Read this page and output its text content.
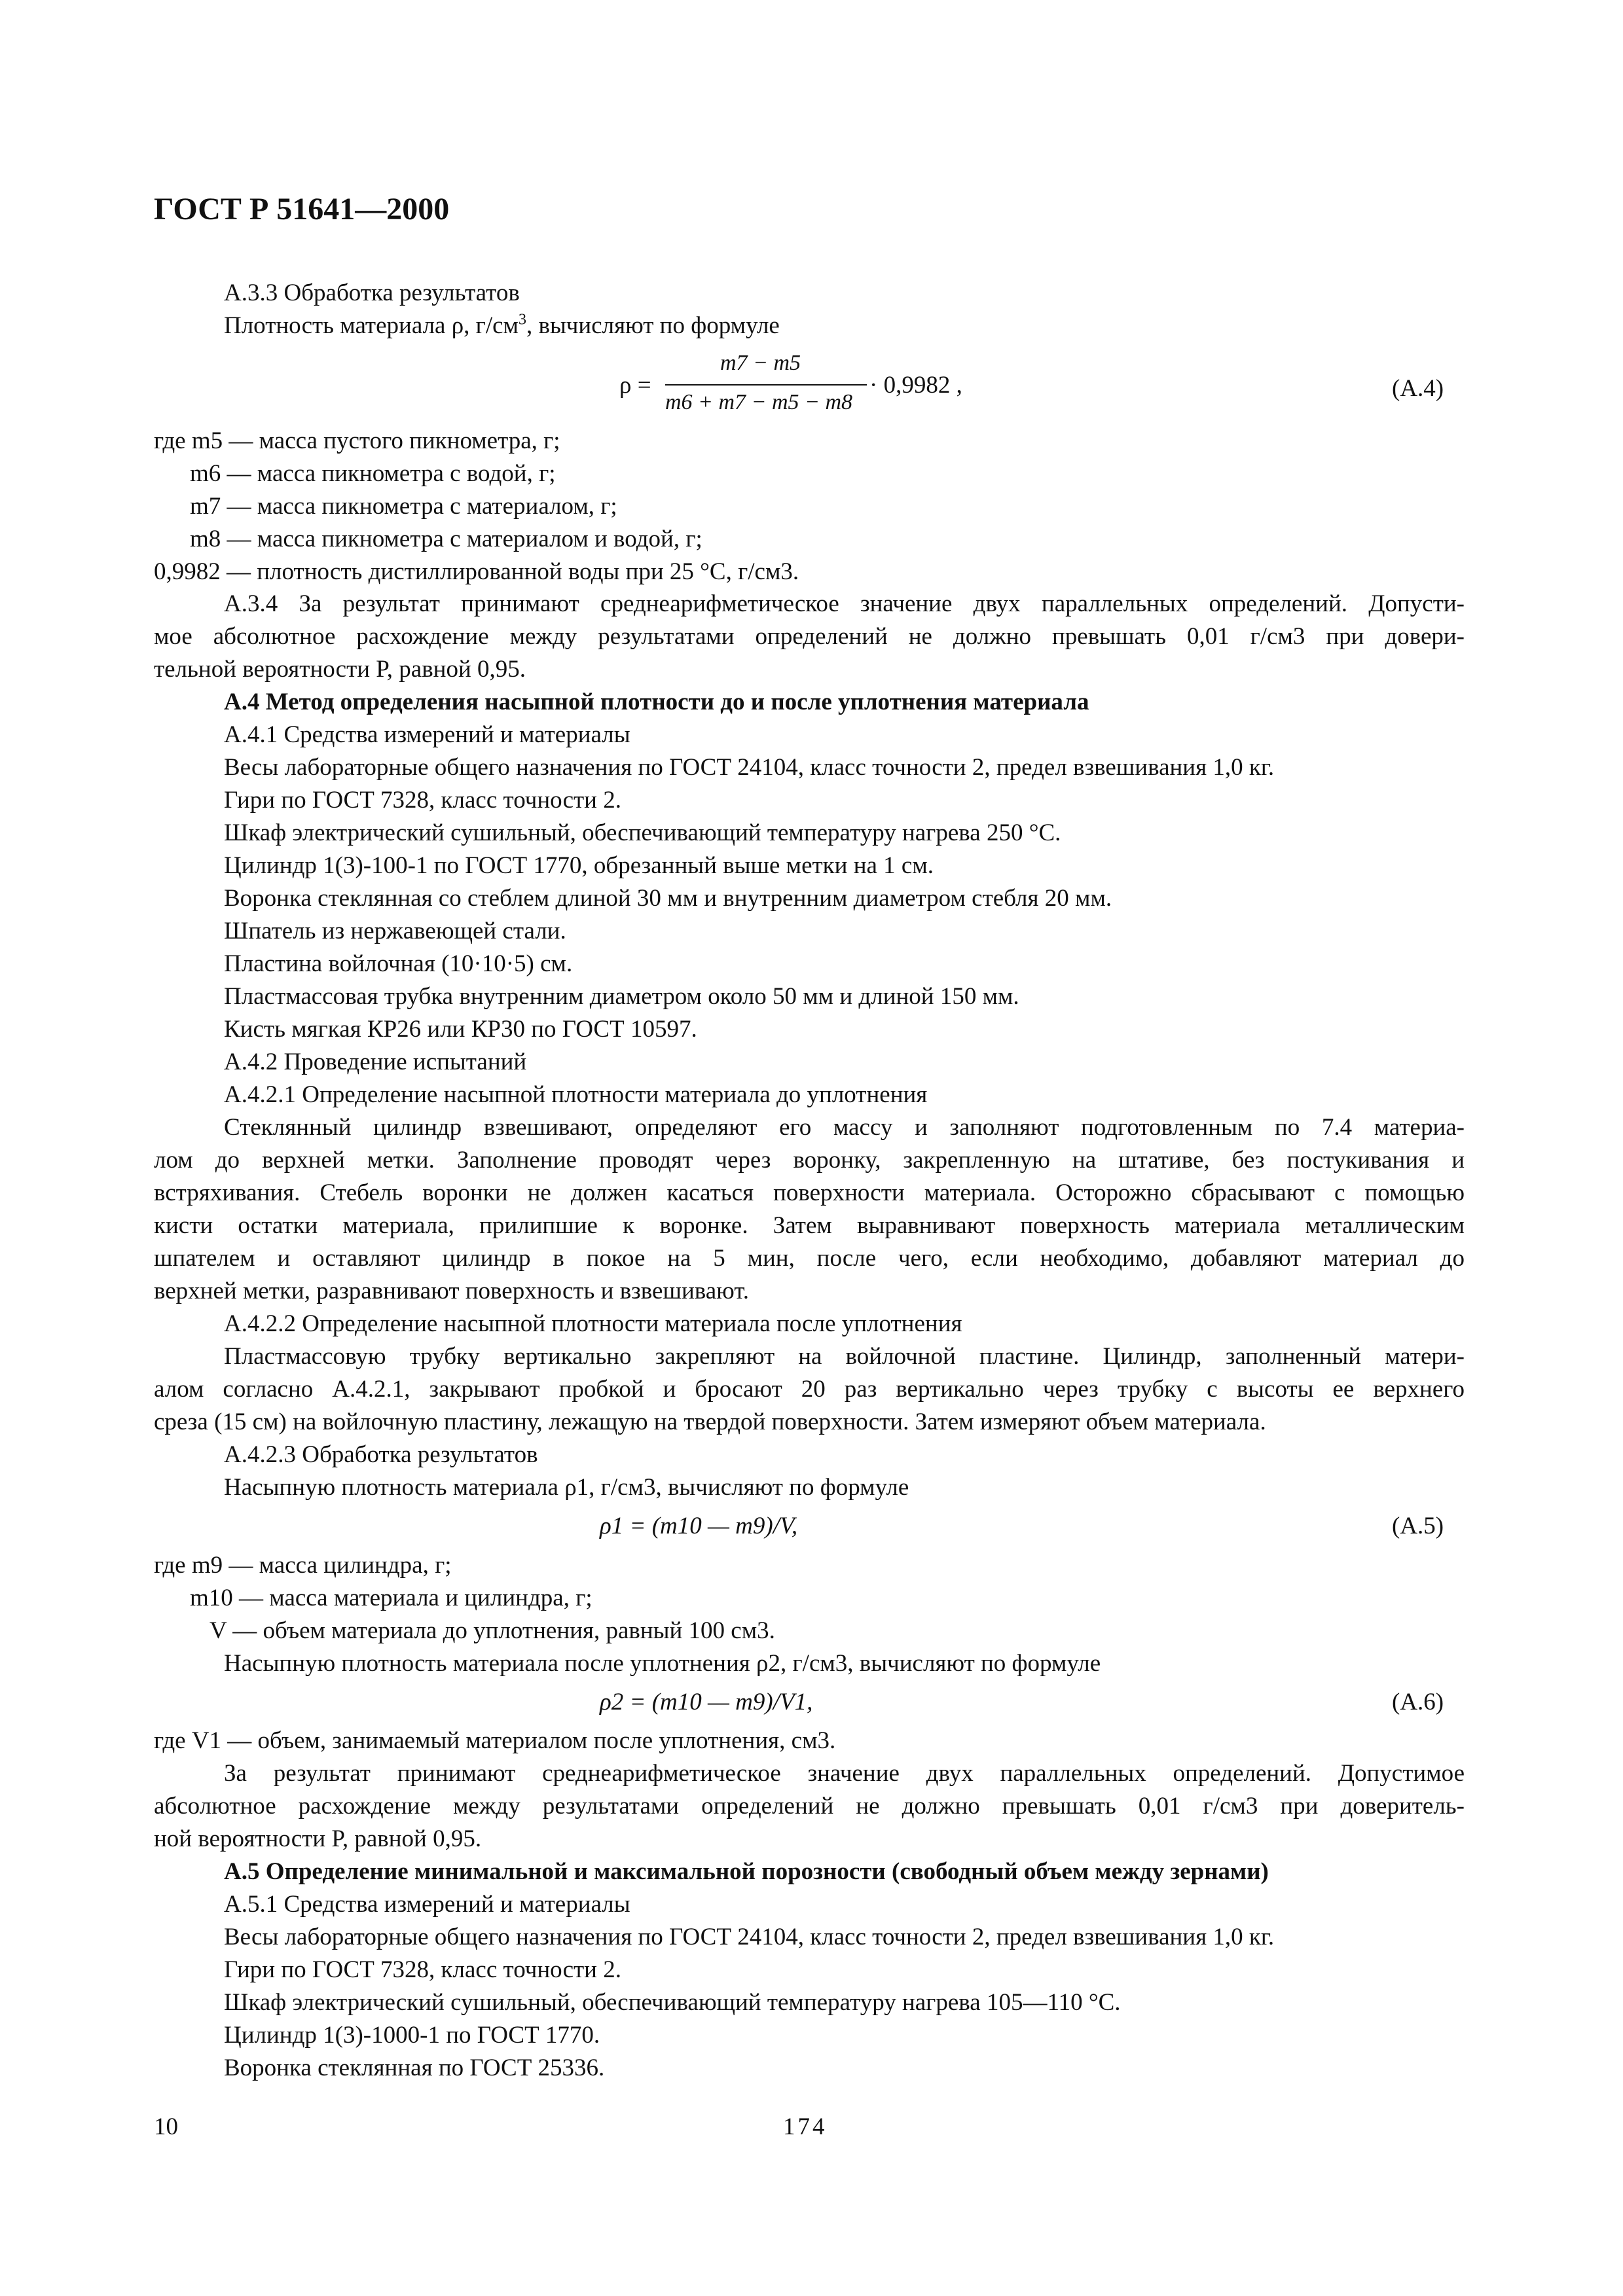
ГОСТ Р 51641—2000
А.3.3 Обработка результатов
Плотность материала ρ, $г/см^3$, вычисляют по формуле
ρ =
m7 − m5
m6 + m7 − m5 − m8
· 0,9982 ,	(А.4)
где m5 — масса пустого пикнометра, г;
m6 — масса пикнометра с водой, г;
m7 — масса пикнометра с материалом, г;
m8 — масса пикнометра с материалом и водой, г;
0,9982 — плотность дистиллированной воды при 25 °С, г/см3.
А.3.4 За результат принимают среднеарифметическое значение двух параллельных определений. Допусти-
мое абсолютное расхождение между результатами определений не должно превышать 0,01 г/см3 при довери-
тельной вероятности P, равной 0,95.
А.4 Метод определения насыпной плотности до и после уплотнения материала
А.4.1 Средства измерений и материалы
Весы лабораторные общего назначения по ГОСТ 24104, класс точности 2, предел взвешивания 1,0 кг.
Гири по ГОСТ 7328, класс точности 2.
Шкаф электрический сушильный, обеспечивающий температуру нагрева 250 °С.
Цилиндр 1(3)-100-1 по ГОСТ 1770, обрезанный выше метки на 1 см.
Воронка стеклянная со стеблем длиной 30 мм и внутренним диаметром стебля 20 мм.
Шпатель из нержавеющей стали.
Пластина войлочная (10·10·5) см.
Пластмассовая трубка внутренним диаметром около 50 мм и длиной 150 мм.
Кисть мягкая КР26 или КР30 по ГОСТ 10597.
А.4.2 Проведение испытаний
А.4.2.1 Определение насыпной плотности материала до уплотнения
Стеклянный цилиндр взвешивают, определяют его массу и заполняют подготовленным по 7.4 материа-
лом до верхней метки. Заполнение проводят через воронку, закрепленную на штативе, без постукивания и
встряхивания. Стебель воронки не должен касаться поверхности материала. Осторожно сбрасывают с помощью
кисти остатки материала, прилипшие к воронке. Затем выравнивают поверхность материала металлическим
шпателем и оставляют цилиндр в покое на 5 мин, после чего, если необходимо, добавляют материал до
верхней метки, разравнивают поверхность и взвешивают.
А.4.2.2 Определение насыпной плотности материала после уплотнения
Пластмассовую трубку вертикально закрепляют на войлочной пластине. Цилиндр, заполненный матери-
алом согласно А.4.2.1, закрывают пробкой и бросают 20 раз вертикально через трубку с высоты ее верхнего
среза (15 см) на войлочную пластину, лежащую на твердой поверхности. Затем измеряют объем материала.
А.4.2.3 Обработка результатов
Насыпную плотность материала ρ1, г/см3, вычисляют по формуле
ρ1 = (m10 — m9)/V,	(А.5)
где m9 — масса цилиндра, г;
m10 — масса материала и цилиндра, г;
V — объем материала до уплотнения, равный 100 см3.
Насыпную плотность материала после уплотнения ρ2, г/см3, вычисляют по формуле
ρ2 = (m10 — m9)/V1,	(А.6)
где V1 — объем, занимаемый материалом после уплотнения, см3.
За результат принимают среднеарифметическое значение двух параллельных определений. Допустимое
абсолютное расхождение между результатами определений не должно превышать 0,01 г/см3 при доверитель-
ной вероятности P, равной 0,95.
А.5 Определение минимальной и максимальной порозности (свободный объем между зернами)
А.5.1 Средства измерений и материалы
Весы лабораторные общего назначения по ГОСТ 24104, класс точности 2, предел взвешивания 1,0 кг.
Гири по ГОСТ 7328, класс точности 2.
Шкаф электрический сушильный, обеспечивающий температуру нагрева 105—110 °С.
Цилиндр 1(3)-1000-1 по ГОСТ 1770.
Воронка стеклянная по ГОСТ 25336.
10	174
